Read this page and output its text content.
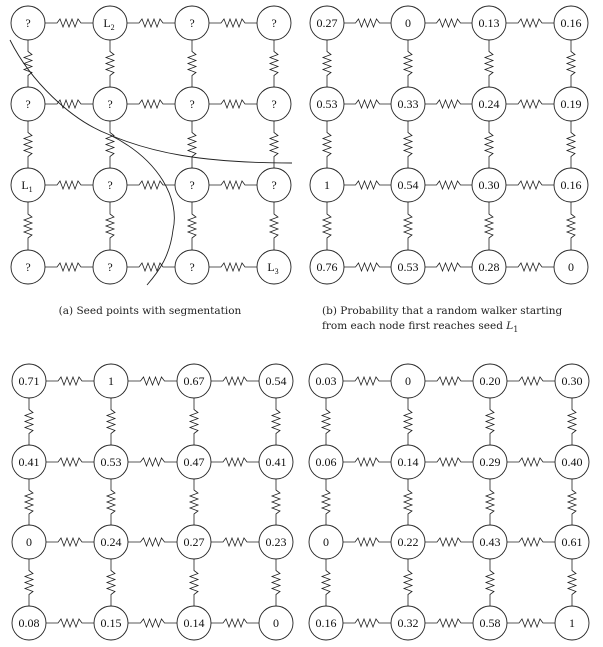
?	$L_2$	?	?
?	?	?	?
$L_1$	?	?	?
?	?	?	$L_3$
0.27	0	0.13	0.16
0.53	0.33	0.24	0.19
1	0.54	0.30	0.16
0.76	0.53	0.28	0
0.71	1	0.67	0.54
0.41	0.53	0.47	0.41
0	0.24	0.27	0.23
0.08	0.15	0.14	0
0.03	0	0.20	0.30
0.06	0.14	0.29	0.40
0	0.22	0.43	0.61
0.16	0.32	0.58	1
(a) Seed points with segmentation	(b) Probability that a random walker starting
from each node first reaches seed $L_1$
